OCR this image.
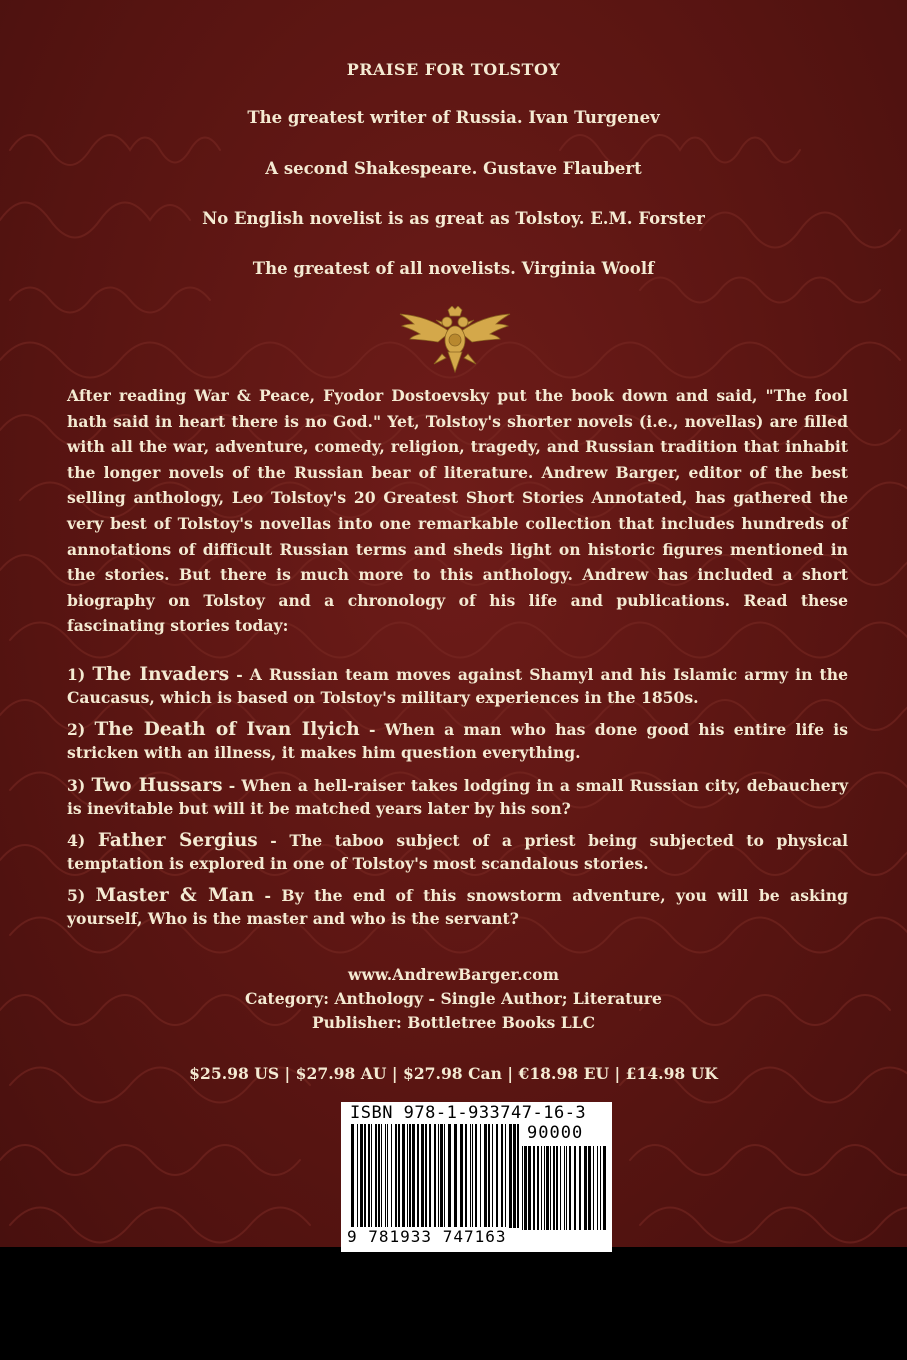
PRAISE FOR TOLSTOY
The greatest writer of Russia. Ivan Turgenev
A second Shakespeare. Gustave Flaubert
No English novelist is as great as Tolstoy. E.M. Forster
The greatest of all novelists. Virginia Woolf

After reading War & Peace, Fyodor Dostoevsky put the book down and said, "The fool hath said in heart there is no God." Yet, Tolstoy's shorter novels (i.e., novellas) are filled with all the war, adventure, comedy, religion, tragedy, and Russian tradition that inhabit the longer novels of the Russian bear of literature. Andrew Barger, editor of the best selling anthology, Leo Tolstoy's 20 Greatest Short Stories Annotated, has gathered the very best of Tolstoy's novellas into one remarkable collection that includes hundreds of annotations of difficult Russian terms and sheds light on historic figures mentioned in the stories. But there is much more to this anthology. Andrew has included a short biography on Tolstoy and a chronology of his life and publications. Read these fascinating stories today:

1) The Invaders - A Russian team moves against Shamyl and his Islamic army in the Caucasus, which is based on Tolstoy's military experiences in the 1850s.

2) The Death of Ivan Ilyich - When a man who has done good his entire life is stricken with an illness, it makes him question everything.

3) Two Hussars - When a hell-raiser takes lodging in a small Russian city, debauchery is inevitable but will it be matched years later by his son?

4) Father Sergius - The taboo subject of a priest being subjected to physical temptation is explored in one of Tolstoy's most scandalous stories.

5) Master & Man - By the end of this snowstorm adventure, you will be asking yourself, Who is the master and who is the servant?

www.AndrewBarger.com
Category: Anthology - Single Author; Literature
Publisher: Bottletree Books LLC
$25.98 US | $27.98 AU | $27.98 Can | €18.98 EU | £14.98 UK
ISBN 978-1-933747-16-3
90000
9 781933 747163
